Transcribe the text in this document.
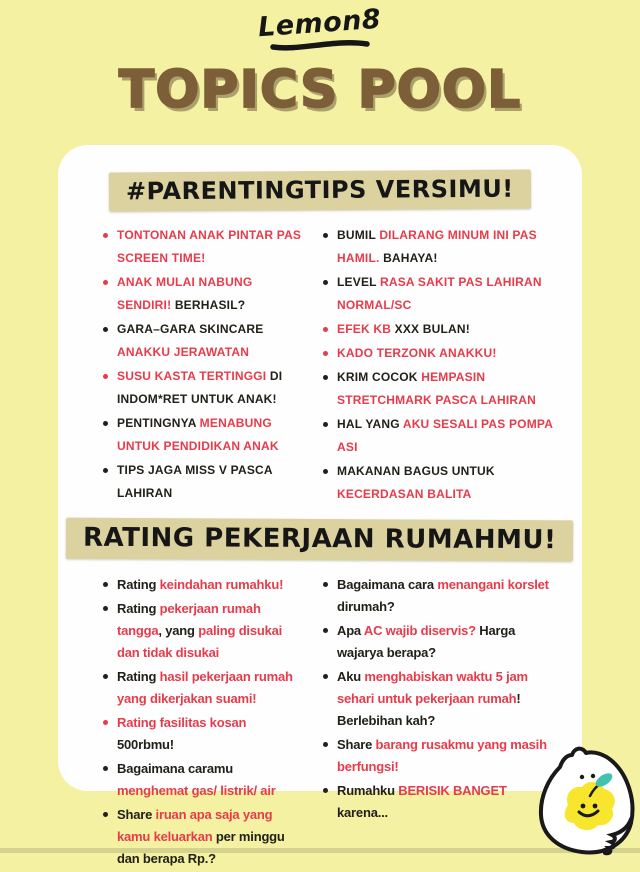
Lemon8
TOPICS POOL
#PARENTINGTIPS VERSIMU!
TONTONAN ANAK PINTAR PAS SCREEN TIME!
ANAK MULAI NABUNG SENDIRI! BERHASIL?
GARA–GARA SKINCARE ANAKKU JERAWATAN
SUSU KASTA TERTINGGI DI INDOM*RET UNTUK ANAK!
PENTINGNYA MENABUNG UNTUK PENDIDIKAN ANAK
TIPS JAGA MISS V PASCA LAHIRAN
BUMIL DILARANG MINUM INI PAS HAMIL. BAHAYA!
LEVEL RASA SAKIT PAS LAHIRAN NORMAL/SC
EFEK KB XXX BULAN!
KADO TERZONK ANAKKU!
KRIM COCOK HEMPASIN STRETCHMARK PASCA LAHIRAN
HAL YANG AKU SESALI PAS POMPA ASI
MAKANAN BAGUS UNTUK KECERDASAN BALITA
RATING PEKERJAAN RUMAHMU!
Rating keindahan rumahku!
Rating pekerjaan rumah tangga, yang paling disukai dan tidak disukai
Rating hasil pekerjaan rumah yang dikerjakan suami!
Rating fasilitas kosan 500rbmu!
Bagaimana caramu menghemat gas/ listrik/ air
Share iruan apa saja yang kamu keluarkan per minggu dan berapa Rp.?
Bagaimana cara menangani korslet dirumah?
Apa AC wajib diservis? Harga wajarya berapa?
Aku menghabiskan waktu 5 jam sehari untuk pekerjaan rumah! Berlebihan kah?
Share barang rusakmu yang masih berfungsi!
Rumahku BERISIK BANGET karena...
